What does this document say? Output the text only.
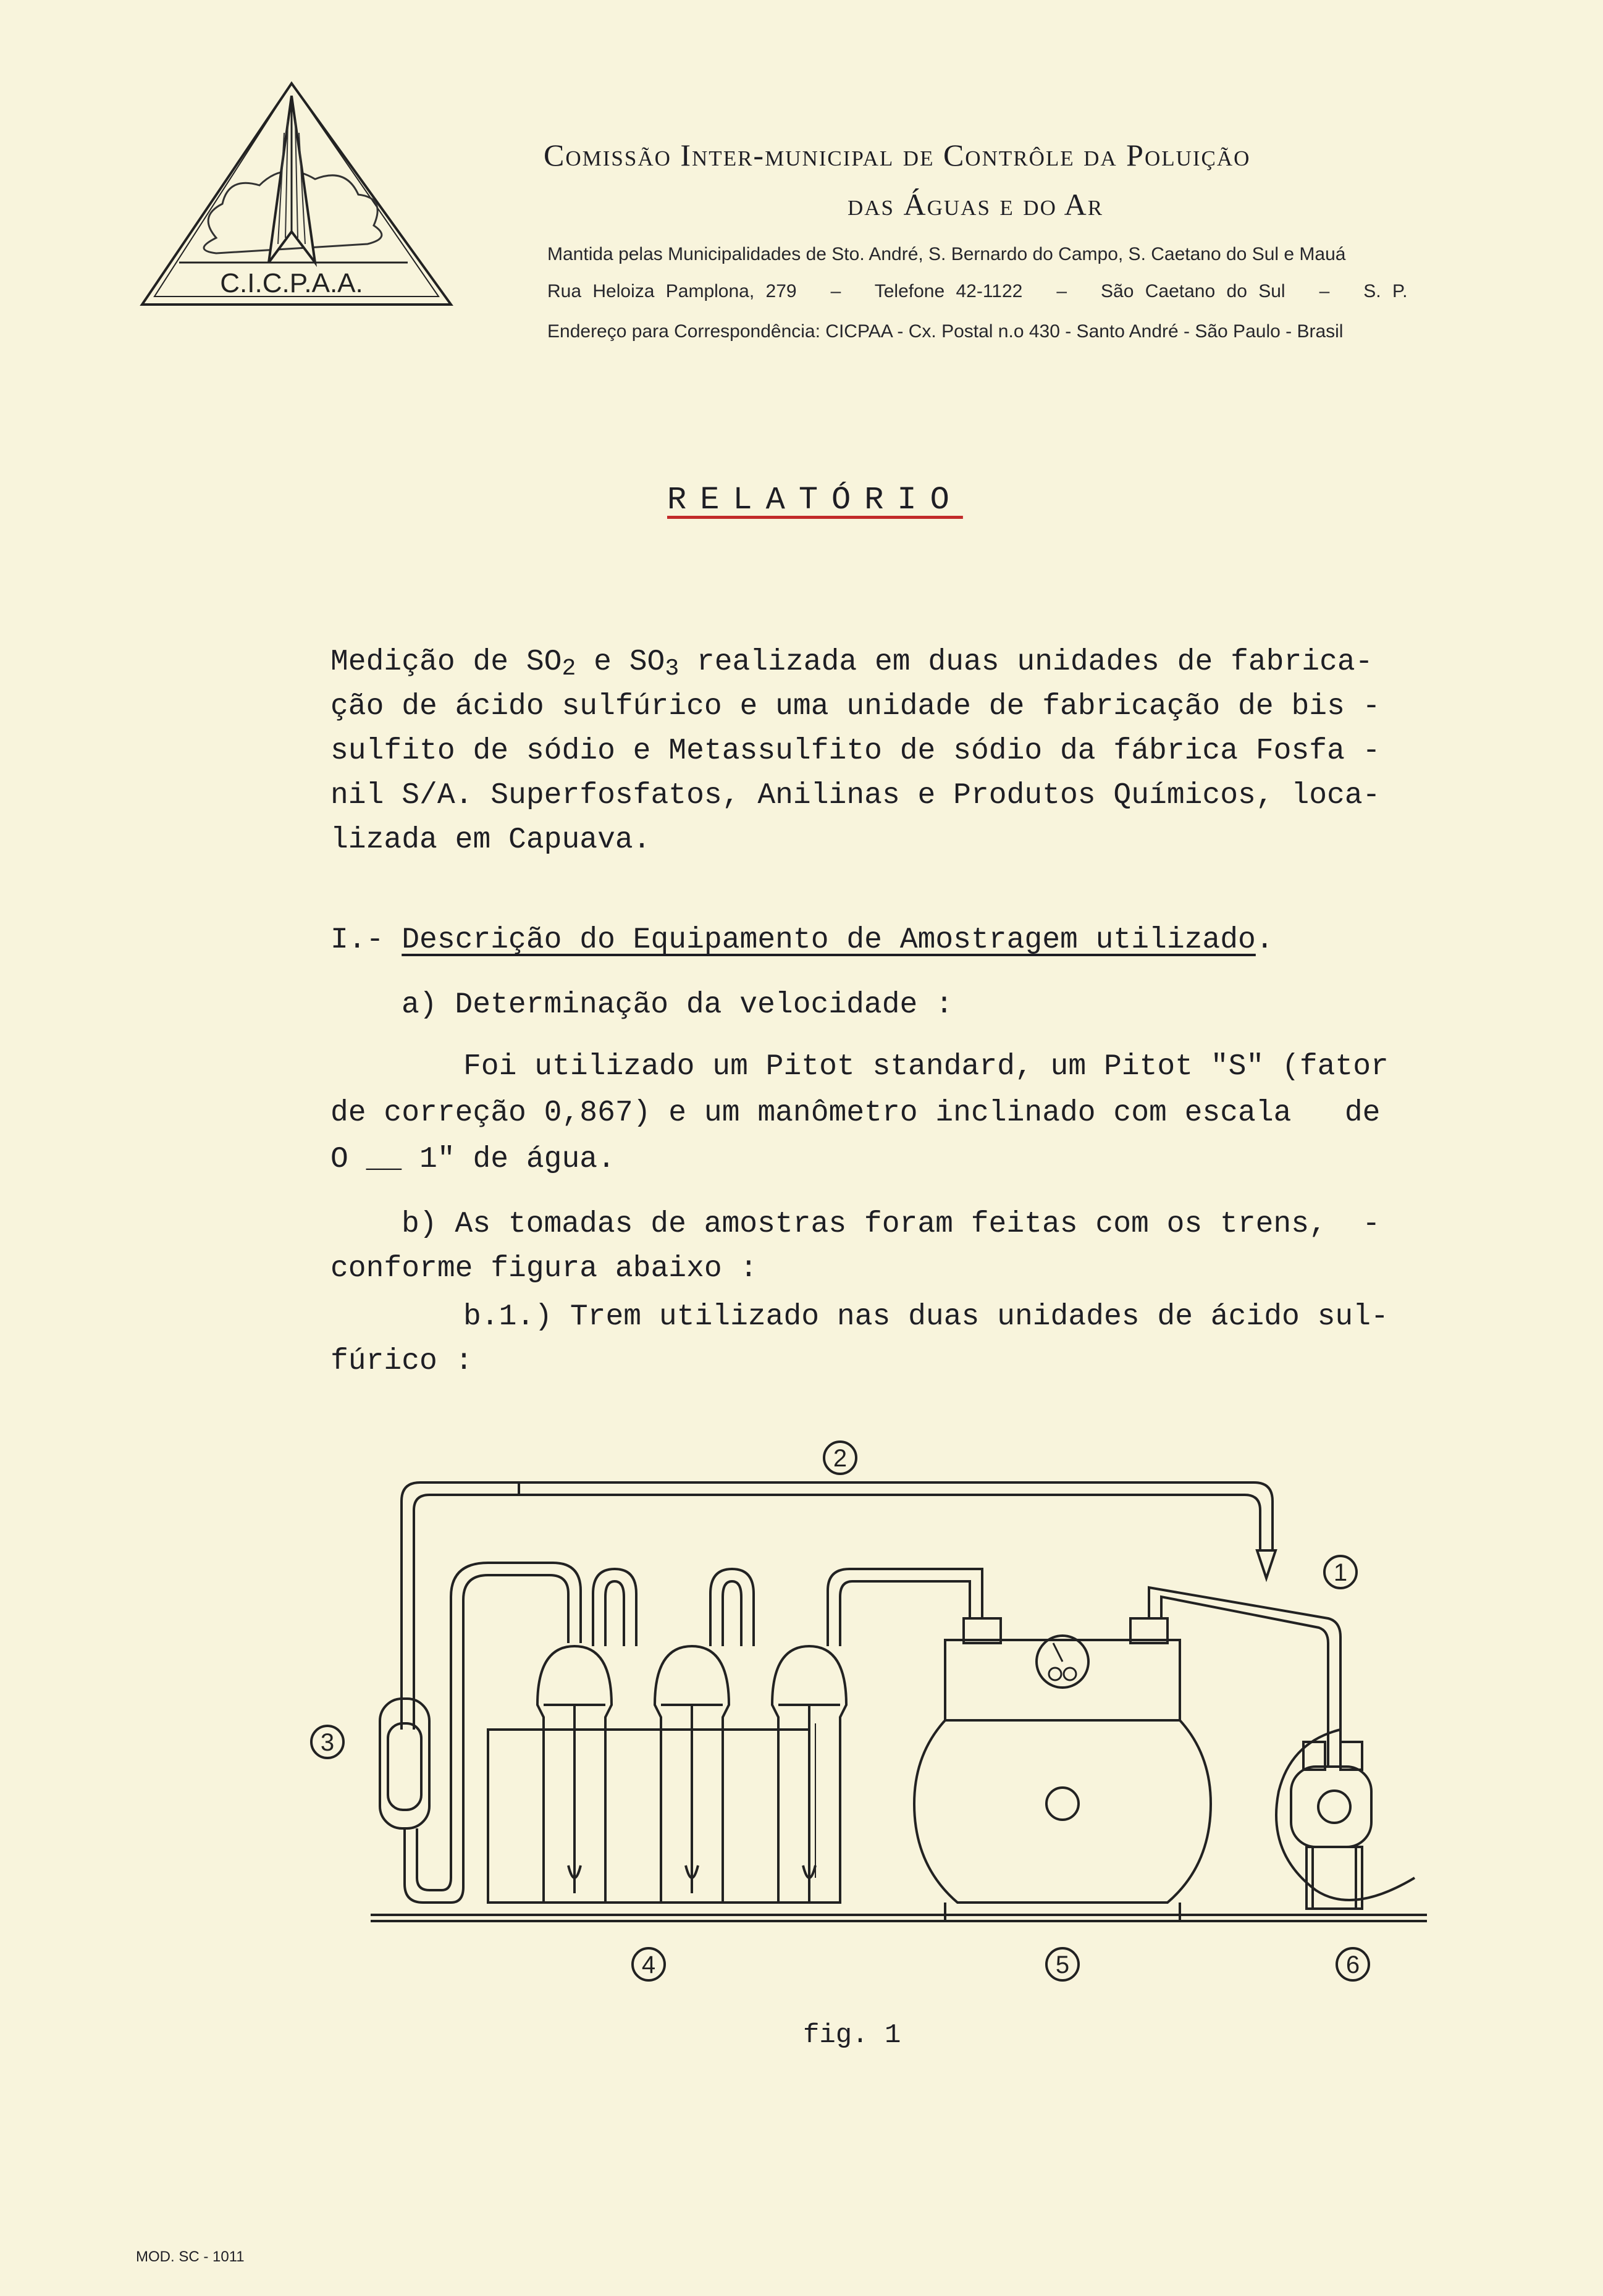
C.I.C.P.A.A.
Comissão Inter-municipal de Contrôle da Poluição
das Águas e do Ar
Mantida pelas Municipalidades de Sto. André, S. Bernardo do Campo, S. Caetano do Sul e Mauá
Rua Heloiza Pamplona, 279   –   Telefone 42-1122   –   São Caetano do Sul   –   S. P.
Endereço para Correspondência: CICPAA - Cx. Postal n.o 430 - Santo André - São Paulo - Brasil
RELATÓRIO
Medição de $SO_2$ e $SO_3$ realizada em duas unidades de fabrica-
ção de ácido sulfúrico e uma unidade de fabricação de bis -
sulfito de sódio e Metassulfito de sódio da fábrica Fosfa -
nil S/A. Superfosfatos, Anilinas e Produtos Químicos, loca-
lizada em Capuava.
I.- Descrição do Equipamento de Amostragem utilizado.
a) Determinação da velocidade :
Foi utilizado um Pitot standard, um Pitot "S" (fator
de correção 0,867) e um manômetro inclinado com escala   de
O __ 1" de água.
b) As tomadas de amostras foram feitas com os trens,  -
conforme figura abaixo :
b.1.) Trem utilizado nas duas unidades de ácido sul-
fúrico :
2
1
3
4	5	6
fig. 1
MOD. SC - 1011
